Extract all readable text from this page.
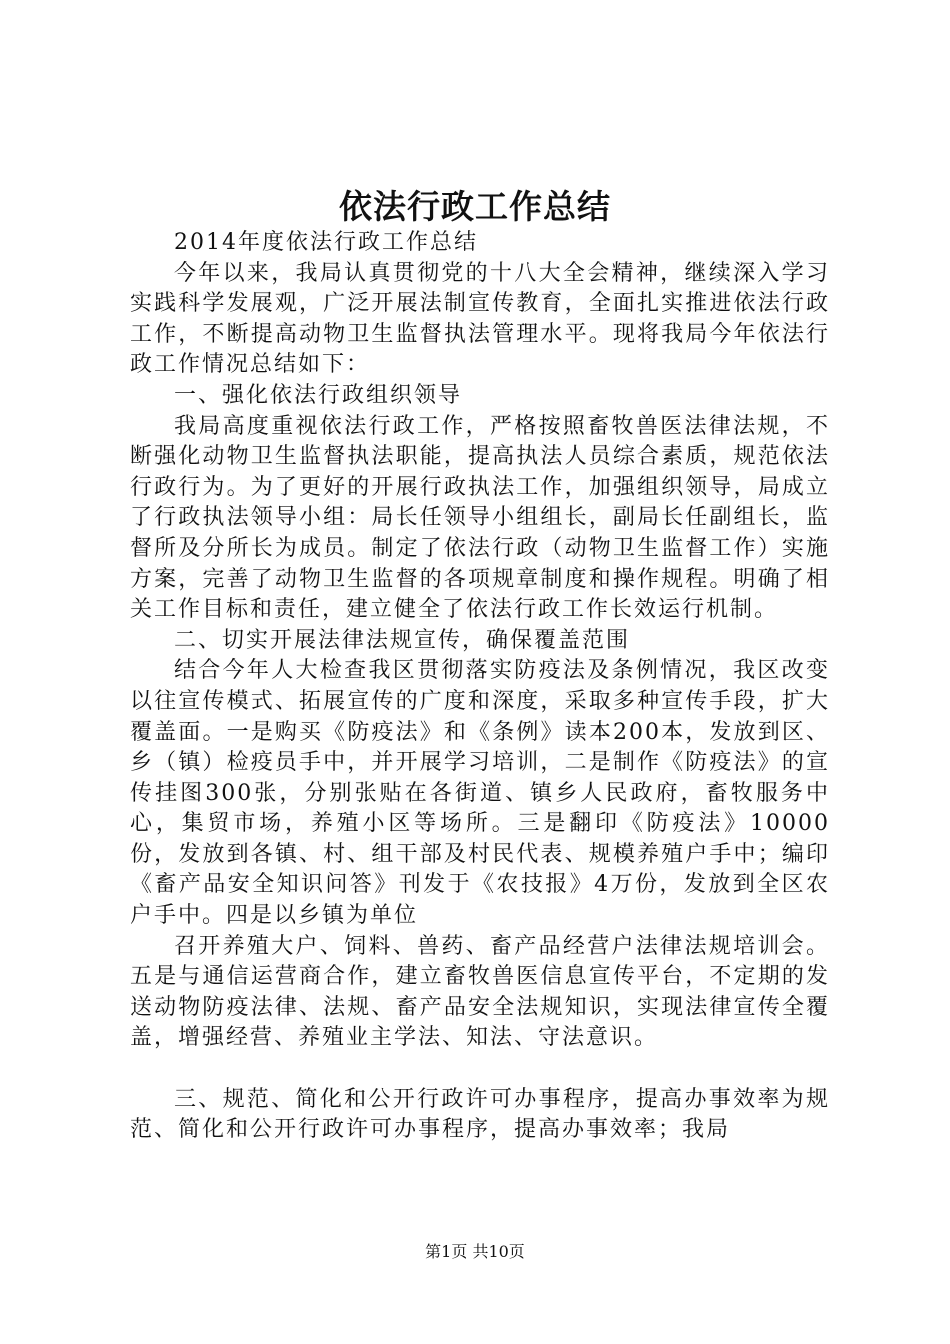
依法行政工作总结

2014年度依法行政工作总结

今年以来，我局认真贯彻党的十八大全会精神，继续深入学习实践科学发展观，广泛开展法制宣传教育，全面扎实推进依法行政工作，不断提高动物卫生监督执法管理水平。现将我局今年依法行政工作情况总结如下：

一、强化依法行政组织领导

我局高度重视依法行政工作，严格按照畜牧兽医法律法规，不断强化动物卫生监督执法职能，提高执法人员综合素质，规范依法行政行为。为了更好的开展行政执法工作，加强组织领导，局成立了行政执法领导小组：局长任领导小组组长，副局长任副组长，监督所及分所长为成员。制定了依法行政（动物卫生监督工作）实施方案，完善了动物卫生监督的各项规章制度和操作规程。明确了相关工作目标和责任，建立健全了依法行政工作长效运行机制。

二、切实开展法律法规宣传，确保覆盖范围

结合今年人大检查我区贯彻落实防疫法及条例情况，我区改变以往宣传模式、拓展宣传的广度和深度，采取多种宣传手段，扩大覆盖面。一是购买《防疫法》和《条例》读本200本，发放到区、乡（镇）检疫员手中，并开展学习培训，二是制作《防疫法》的宣传挂图300张，分别张贴在各街道、镇乡人民政府，畜牧服务中心，集贸市场，养殖小区等场所。三是翻印《防疫法》10000份，发放到各镇、村、组干部及村民代表、规模养殖户手中；编印《畜产品安全知识问答》刊发于《农技报》4万份，发放到全区农户手中。四是以乡镇为单位

召开养殖大户、饲料、兽药、畜产品经营户法律法规培训会。五是与通信运营商合作，建立畜牧兽医信息宣传平台，不定期的发送动物防疫法律、法规、畜产品安全法规知识，实现法律宣传全覆盖，增强经营、养殖业主学法、知法、守法意识。

三、规范、简化和公开行政许可办事程序，提高办事效率为规范、简化和公开行政许可办事程序，提高办事效率；我局

第1页 共10页
